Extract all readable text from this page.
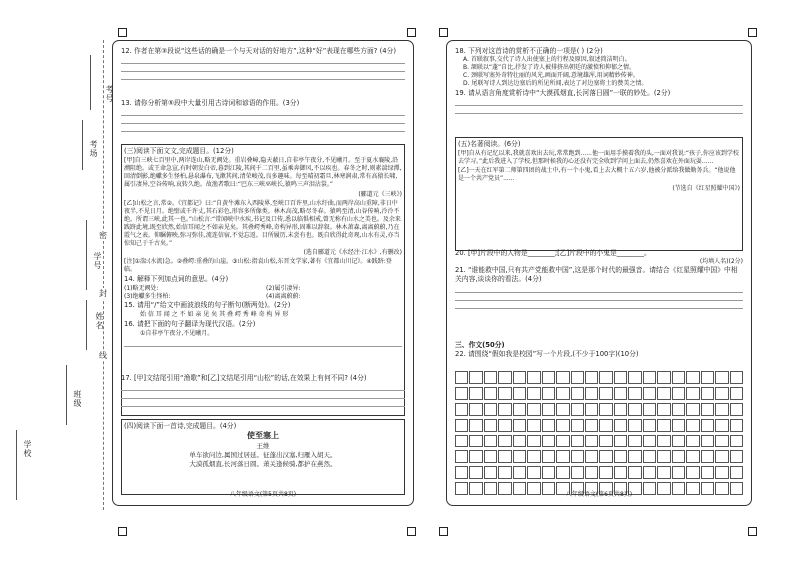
考号
考场
学号
姓名
班级
学校
密
封
线

12. 作者在第③段说“这些话的确是一个与天对话的好地方”,这种“好”表现在哪些方面? (4分)

13. 请你分析第⑤段中大量引用古诗词和谚语的作用。(3分)

(三)阅读下面文文,完成题目。(12分)

[甲]自三峡七百里中,两岸连山,略无阙处。重岩叠嶂,隐天蔽日,自非亭午夜分,不见曦月。至于夏水襄陵,沿溯阻绝。或王命急宣,有时朝发白帝,暮到江陵,其间千二百里,虽乘奔御风,不以疾也。春冬之时,则素湍绿潭,回清倒影,绝巘多生怪柏,悬泉瀑布,飞漱其间,清荣峻茂,良多趣味。每至晴初霜旦,林寒涧肃,常有高猿长啸,属引凄异,空谷传响,哀转久绝。故渔者歌曰:“巴东三峡巫峡长,猿鸣三声泪沾裳。”

(郦道元《三峡》)

[乙]山松之言,常②。《宜都记》曰:“自黄牛滩东入西陵界,至峡口百许里,山水纡曲,而两岸高山重障,非日中夜半,不见日月。绝壁或千许丈,其石彩色,形容多所像类。林木高茂,略尽冬春。猿鸣至清,山谷传响,泠泠不绝。所谓三峡,此其一也。”山松言:“常闻峡中水疾,书记及口传,悉以临惧相戒,曾无称有山水之美也。及余来践跻此境,既至欣然,始信耳闻之不如亲见矣。其叠崿秀峰,奇构异形,固难以辞叙。林木萧森,离离蔚蔚,乃在霞气之表。仰瞩俯映,弥习弥佳,流连信宿,不觉忘返。目所履历,未尝有也。既自欣得此奇观,山水有灵,亦当惊知己于千古矣。”

(选自郦道元《水经注·江水》,有删改)

[注]①湍:(水流)急。②叠崿:重叠的山崖。③山松:指袁山松,东晋文学家,著有《宜都山川记》。④践跻:登临。

14. 解释下列加点词的意思。(4分)

(1)略无阙处:	(2)属引凄异:
(3)绝巘多生怪柏:	(4)离离蔚蔚:

15. 请用“/”给文中画波浪线的句子断句(断两处)。(2分)

始 信 耳 闻 之 不 如 亲 见 矣 其 叠 崿 秀 峰 奇 构 异 形

16. 请把下面的句子翻译为现代汉语。(2分)

①自非亭午夜分,不见曦月。

17. [甲]文结尾引用“渔歌”和[乙]文结尾引用“山松”的话,在效果上有何不同? (4分)

(四)阅读下面一首诗,完成题目。(4分)

使至塞上
王维
单车欲问边,属国过居延。征蓬出汉塞,归雁入胡天。
大漠孤烟直,长河落日圆。萧关逢候骑,都护在燕然。
八年级语文(第5页共8页)

18. 下列对这首诗的赏析不正确的一项是( ) (2分)

A. 首联叙事,交代了诗人出使塞上的行程及原因,叙述简洁明白。

B. 颔联以“蓬”自比,抒发了诗人被排挤出朝廷的激愤和抑郁之情。

C. 颈联写塞外奇特壮丽的风光,画面开阔,意境雄浑,用词精妙传神。

D. 尾联写诗人到达边塞后的所见所闻,表达了对边塞将士的赞美之情。

19. 请从语言角度赏析诗中“大漠孤烟直,长河落日圆”一联的妙处。(2分)

(五)名著阅读。(6分)

[甲]自从有记忆以来,我就喜欢出去玩,常常跑到......他一面用手摸着我的头,一面对我说:“孩子,你应该到学校去学习。”此后我进入了学校,但那时候我的心还没有完全收到学问上面去,仍然喜欢在外面玩耍......

[乙]一天在红军第二师第四团的战士中,有一个小鬼,看上去大概十五六岁,他被分派给我做勤务兵。“他说他是一个共产党员”......

(节选自《红星照耀中国》)

20. [甲]片段中的人物是________;[乙]片段中的小鬼是________。

(均填人名)(2分)

21. “谁能救中国,只有共产党能救中国”,这是那个时代的最强音。请结合《红星照耀中国》中相关内容,谈谈你的看法。(4分)

三、作文(50分)

22. 请围绕“假如我是校园”写一个片段,(不少于100字)(10分)

八年级语文(第6页共8页)
